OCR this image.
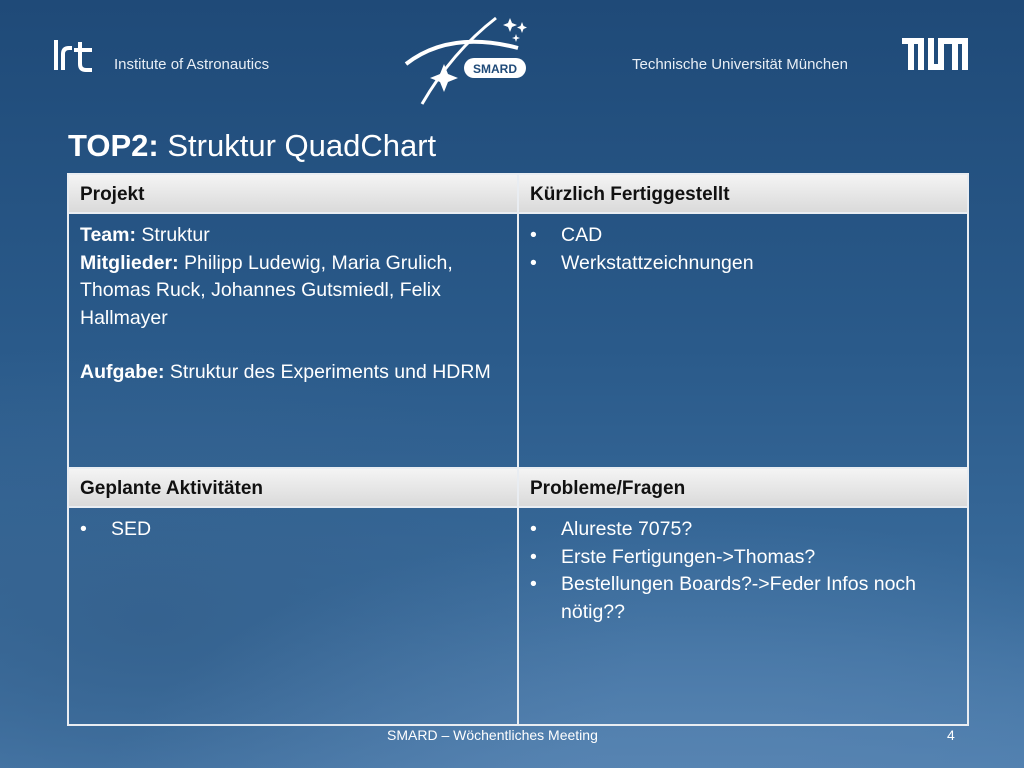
Institute of Astronautics	SMARD	Technische Universität München
TOP2: Struktur QuadChart
Projekt	Kürzlich Fertiggestellt
Team: Struktur
Mitglieder: Philipp Ludewig, Maria Grulich, Thomas Ruck, Johannes Gutsmiedl, Felix Hallmayer
Aufgabe: Struktur des Experiments und HDRM
• CAD
• Werkstattzeichnungen
Geplante Aktivitäten	Probleme/Fragen
• SED
•	Alureste 7075?
• Erste Fertigungen->Thomas?
• Bestellungen Boards?->Feder Infos noch nötig??
SMARD – Wöchentliches Meeting	4
